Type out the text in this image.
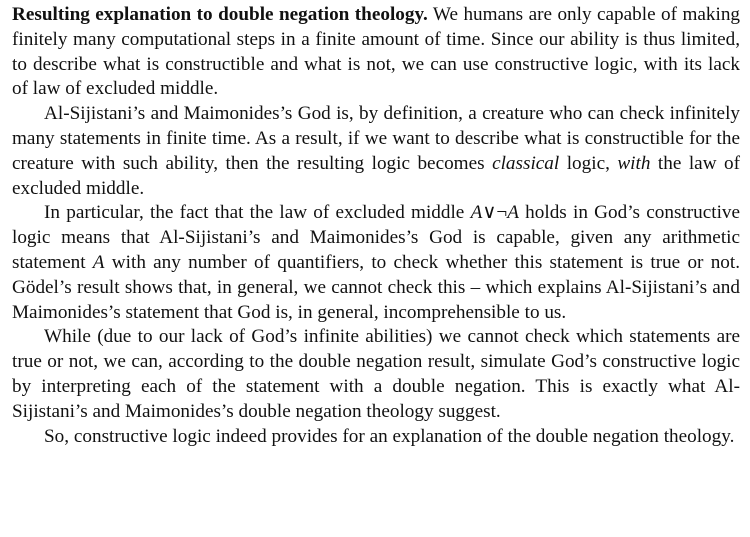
Resulting explanation to double negation theology. We humans are only capable of making finitely many computational steps in a finite amount of time. Since our ability is thus limited, to describe what is constructible and what is not, we can use constructive logic, with its lack of law of excluded middle.

Al-Sijistani’s and Maimonides’s God is, by definition, a creature who can check infinitely many statements in finite time. As a result, if we want to describe what is constructible for the creature with such ability, then the resulting logic becomes classical logic, with the law of excluded middle.

In particular, the fact that the law of excluded middle A∨¬A holds in God’s constructive logic means that Al-Sijistani’s and Maimonides’s God is capable, given any arithmetic statement A with any number of quantifiers, to check whether this statement is true or not. Gödel’s result shows that, in general, we cannot check this – which explains Al-Sijistani’s and Maimonides’s statement that God is, in general, incomprehensible to us.

While (due to our lack of God’s infinite abilities) we cannot check which statements are true or not, we can, according to the double negation result, simulate God’s constructive logic by interpreting each of the statement with a double negation. This is exactly what Al-Sijistani’s and Maimonides’s double negation theology suggest.

So, constructive logic indeed provides for an explanation of the double negation theology.
